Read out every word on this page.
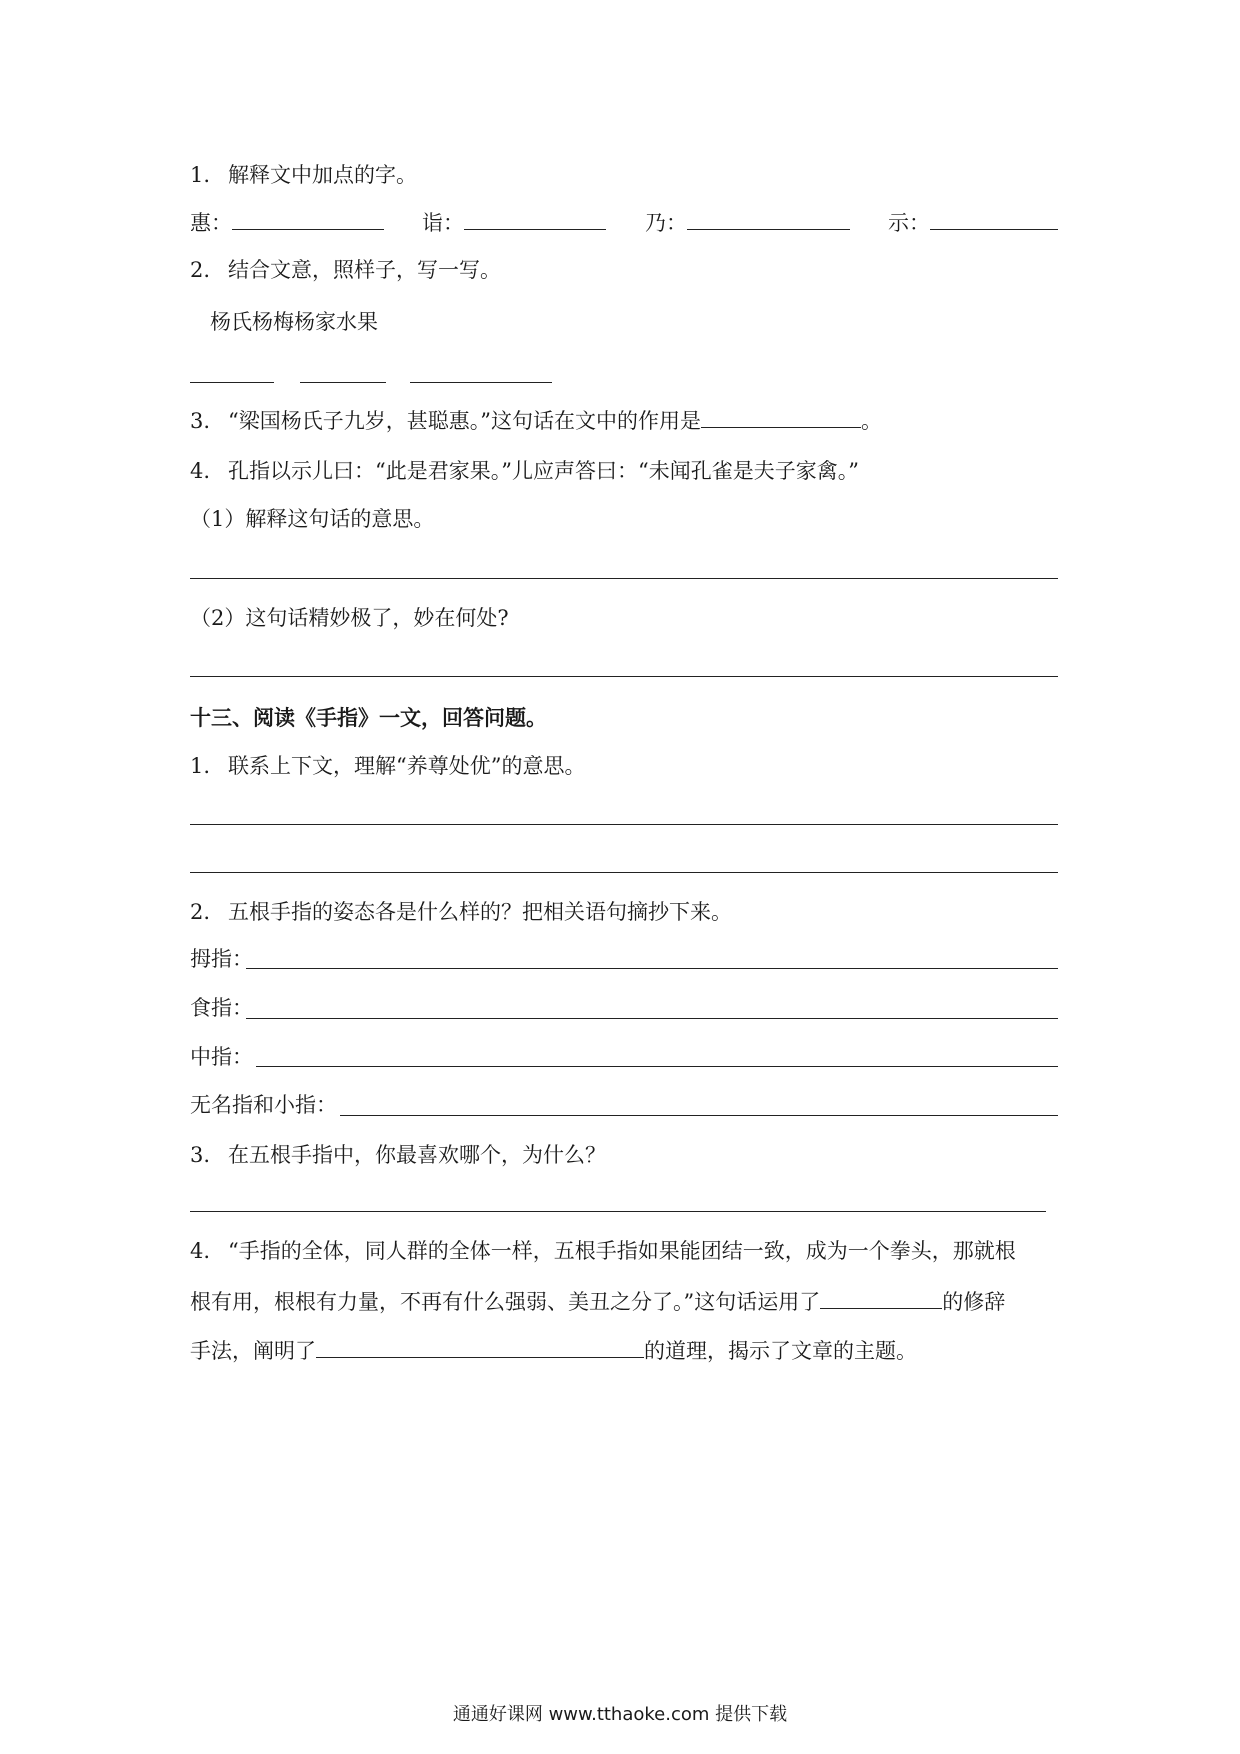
1. 解释文中加点的字。
惠：	诣：	乃：	示：
2. 结合文意，照样子，写一写。
杨氏杨梅杨家水果
3. “梁国杨氏子九岁，甚聪惠。”这句话在文中的作用是	。
4. 孔指以示儿曰：“此是君家果。”儿应声答曰：“未闻孔雀是夫子家禽。”
（1）解释这句话的意思。
（2）这句话精妙极了，妙在何处?
十三、阅读《手指》一文，回答问题。
1. 联系上下文，理解“养尊处优”的意思。
2. 五根手指的姿态各是什么样的？把相关语句摘抄下来。
拇指：
食指：
中指：
无名指和小指：
3. 在五根手指中，你最喜欢哪个，为什么？
4. “手指的全体，同人群的全体一样，五根手指如果能团结一致，成为一个拳头，那就根
根有用，根根有力量，不再有什么强弱、美丑之分了。”这句话运用了	的修辞
手法，阐明了	的道理，揭示了文章的主题。
通通好课网 www.tthaoke.com 提供下载
